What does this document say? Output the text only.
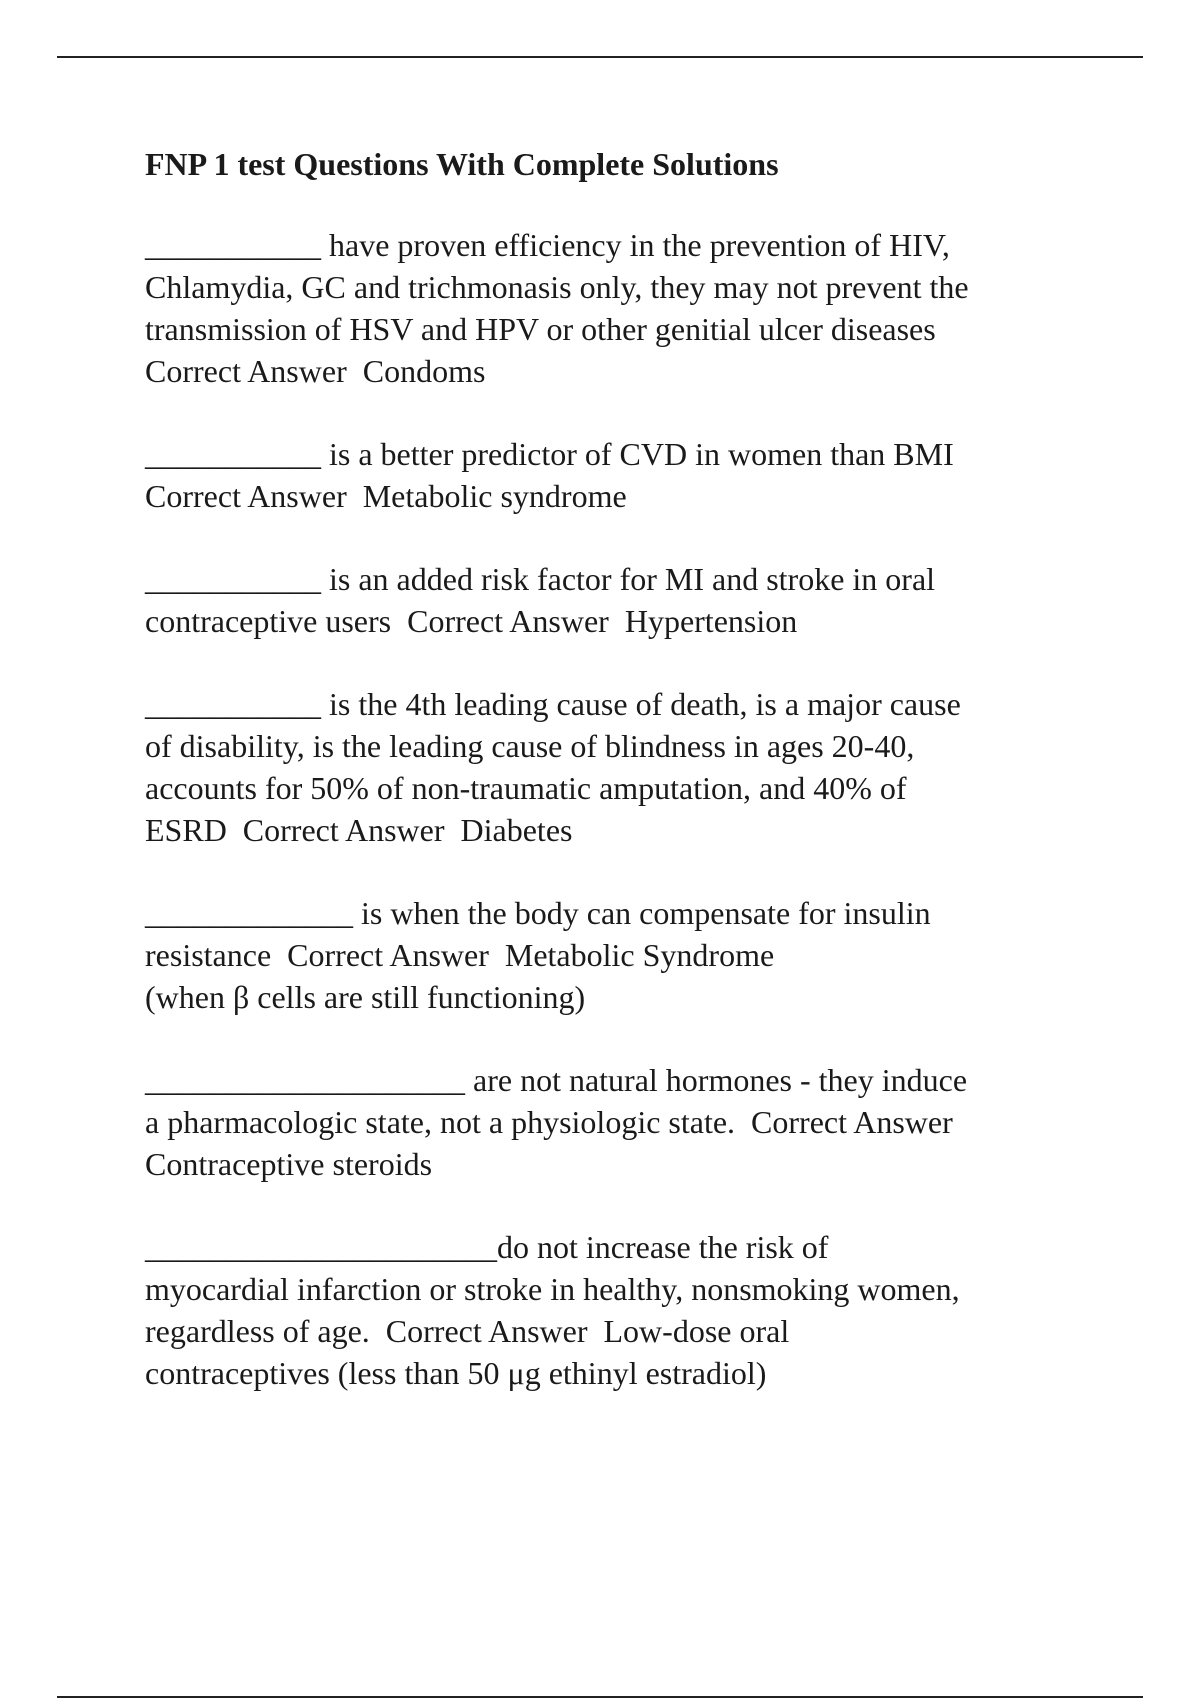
FNP 1 test Questions With Complete Solutions
___________ have proven efficiency in the prevention of HIV,
Chlamydia, GC and trichmonasis only, they may not prevent the
transmission of HSV and HPV or other genitial ulcer diseases
Correct Answer  Condoms
___________ is a better predictor of CVD in women than BMI
Correct Answer  Metabolic syndrome
___________ is an added risk factor for MI and stroke in oral
contraceptive users  Correct Answer  Hypertension
___________ is the 4th leading cause of death, is a major cause
of disability, is the leading cause of blindness in ages 20-40,
accounts for 50% of non-traumatic amputation, and 40% of
ESRD  Correct Answer  Diabetes
_____________ is when the body can compensate for insulin
resistance  Correct Answer  Metabolic Syndrome
(when β cells are still functioning)
____________________ are not natural hormones - they induce
a pharmacologic state, not a physiologic state.  Correct Answer
Contraceptive steroids
______________________do not increase the risk of
myocardial infarction or stroke in healthy, nonsmoking women,
regardless of age.  Correct Answer  Low-dose oral
contraceptives (less than 50 μg ethinyl estradiol)
